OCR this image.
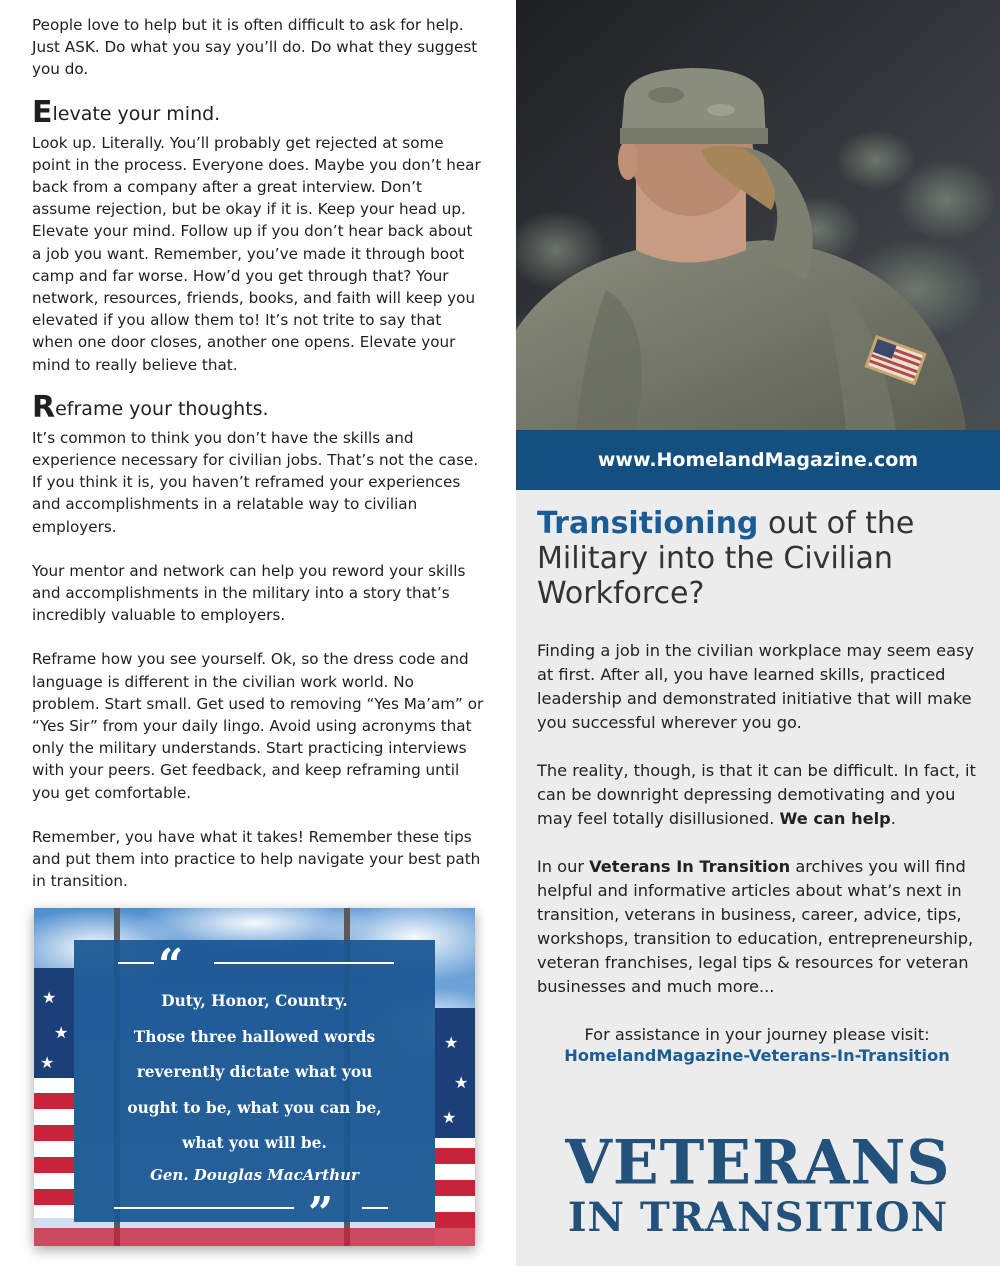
People love to help but it is often difficult to ask for help. Just ASK. Do what you say you’ll do. Do what they suggest you do.

Elevate your mind.

Look up. Literally. You’ll probably get rejected at some point in the process. Everyone does. Maybe you don’t hear back from a company after a great interview. Don’t assume rejection, but be okay if it is. Keep your head up. Elevate your mind. Follow up if you don’t hear back about a job you want. Remember, you’ve made it through boot camp and far worse. How’d you get through that? Your network, resources, friends, books, and faith will keep you elevated if you allow them to! It’s not trite to say that when one door closes, another one opens. Elevate your mind to really believe that.

Reframe your thoughts.

It’s common to think you don’t have the skills and experience necessary for civilian jobs. That’s not the case. If you think it is, you haven’t reframed your experiences and accomplishments in a relatable way to civilian employers.

Your mentor and network can help you reword your skills and accomplishments in the military into a story that’s incredibly valuable to employers.

Reframe how you see yourself. Ok, so the dress code and language is different in the civilian work world. No problem. Start small. Get used to removing “Yes Ma’am” or “Yes Sir” from your daily lingo. Avoid using acronyms that only the military understands. Start practicing interviews with your peers. Get feedback, and keep reframing until you get comfortable.

Remember, you have what it takes! Remember these tips and put them into practice to help navigate your best path in transition.

★
★
★
★
★
★
“
Duty, Honor, Country.
Those three hallowed words
reverently dictate what you
ought to be, what you can be,
what you will be.
Gen. Douglas MacArthur
”
www.HomelandMagazine.com
Transitioning out of the Military into the Civilian Workforce?

Finding a job in the civilian workplace may seem easy at first. After all, you have learned skills, practiced leadership and demonstrated initiative that will make you successful wherever you go.

The reality, though, is that it can be difficult. In fact, it can be downright depressing demotivating and you may feel totally disillusioned. We can help.

In our Veterans In Transition archives you will find helpful and informative articles about what’s next in transition, veterans in business, career, advice, tips, workshops, transition to education, entrepreneurship, veteran franchises, legal tips & resources for veteran businesses and much more...

For assistance in your journey please visit:
HomelandMagazine-Veterans-In-Transition
VETERANS
IN TRANSITION
